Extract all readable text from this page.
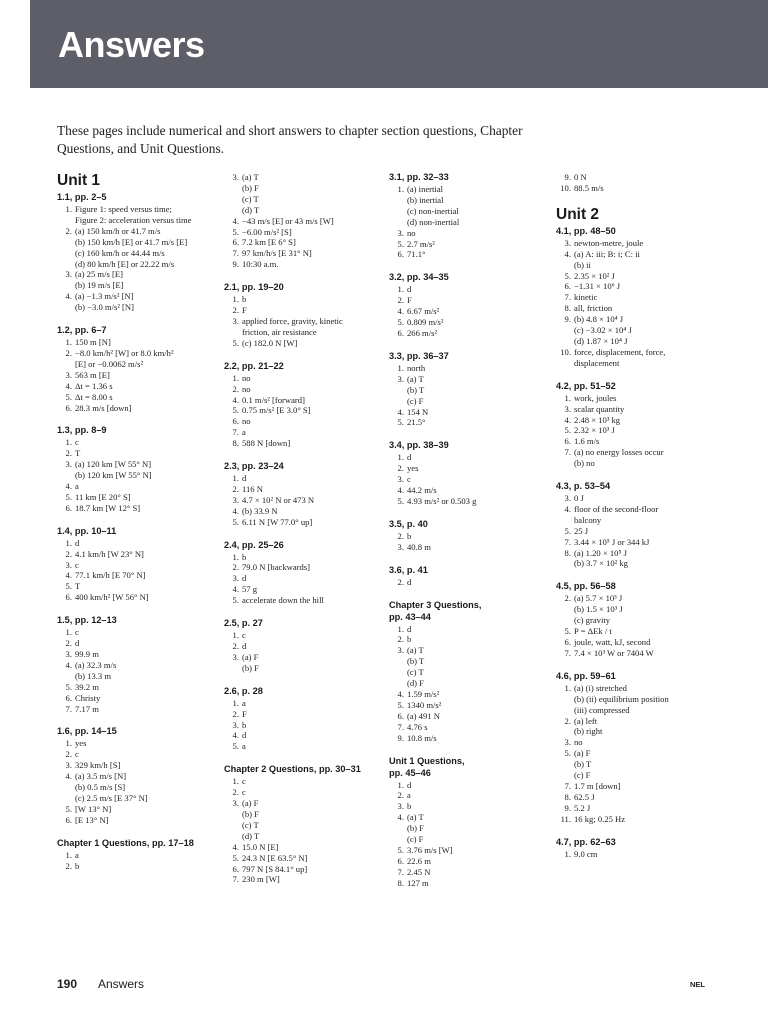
Answers

These pages include numerical and short answers to chapter section questions, Chapter Questions, and Unit Questions.

Unit 1
1.1, pp. 2–5
1. Figure 1: speed versus time;
Figure 2: acceleration versus time
2. (a) 150 km/h or 41.7 m/s
(b) 150 km/h [E] or 41.7 m/s [E]
(c) 160 km/h or 44.44 m/s
(d) 80 km/h [E] or 22.22 m/s
3. (a) 25 m/s [E]
(b) 19 m/s [E]
4. (a) −1.3 m/s² [N]
(b) −3.0 m/s² [N]
1.2, pp. 6–7
1. 150 m [N]
2. −8.0 km/h² [W] or 8.0 km/h²
[E] or −0.0062 m/s²
3. 563 m [E]
4. Δt = 1.36 s
5. Δt = 8.00 s
6. 28.3 m/s [down]
1.3, pp. 8–9
1. c
2. T
3. (a) 120 km [W 55° N]
(b) 120 km [W 55° N]
4. a
5. 11 km [E 20° S]
6. 18.7 km [W 12° S]
1.4, pp. 10–11
1. d
2. 4.1 km/h [W 23° N]
3. c
4. 77.1 km/h [E 70° N]
5. T
6. 400 km/h² [W 56° N]
1.5, pp. 12–13
1. c
2. d
3. 99.9 m
4. (a) 32.3 m/s
(b) 13.3 m
5. 39.2 m
6. Christy
7. 7.17 m
1.6, pp. 14–15
1. yes
2. c
3. 329 km/h [S]
4. (a) 3.5 m/s [N]
(b) 0.5 m/s [S]
(c) 2.5 m/s [E 37° N]
5. [W 13° N]
6. [E 13° N]
Chapter 1 Questions, pp. 17–18
1. a
2. b
3. (a) T
(b) F
(c) T
(d) T
4. −43 m/s [E] or 43 m/s [W]
5. −6.00 m/s² [S]
6. 7.2 km [E 6° S]
7. 97 km/h/s [E 31° N]
9. 10:30 a.m.
2.1, pp. 19–20
1. b
2. F
3. applied force, gravity, kinetic
friction, air resistance
5. (c) 182.0 N [W]
2.2, pp. 21–22
1. no
2. no
4. 0.1 m/s² [forward]
5. 0.75 m/s² [E 3.0° S]
6. no
7. a
8. 588 N [down]
2.3, pp. 23–24
1. d
2. 116 N
3. 4.7 × 10² N or 473 N
4. (b) 33.9 N
5. 6.11 N [W 77.0° up]
2.4, pp. 25–26
1. b
2. 79.0 N [backwards]
3. d
4. 57 g
5. accelerate down the hill
2.5, p. 27
1. c
2. d
3. (a) F
(b) F
2.6, p. 28
1. a
2. F
3. b
4. d
5. a
Chapter 2 Questions, pp. 30–31
1. c
2. c
3. (a) F
(b) F
(c) T
(d) T
4. 15.0 N [E]
5. 24.3 N [E 63.5° N]
6. 797 N [S 84.1° up]
7. 230 m [W]
3.1, pp. 32–33
1. (a) inertial
(b) inertial
(c) non-inertial
(d) non-inertial
3. no
5. 2.7 m/s²
6. 71.1°
3.2, pp. 34–35
1. d
2. F
4. 6.67 m/s²
5. 0.809 m/s²
6. 266 m/s²
3.3, pp. 36–37
1. north
3. (a) T
(b) T
(c) F
4. 154 N
5. 21.5°
3.4, pp. 38–39
1. d
2. yes
3. c
4. 44.2 m/s
5. 4.93 m/s² or 0.503 g
3.5, p. 40
2. b
3. 40.8 m
3.6, p. 41
2. d
Chapter 3 Questions,
pp. 43–44
1. d
2. b
3. (a) T
(b) T
(c) T
(d) F
4. 1.59 m/s²
5. 1340 m/s²
6. (a) 491 N
7. 4.76 s
9. 10.8 m/s
Unit 1 Questions,
pp. 45–46
1. d
2. a
3. b
4. (a) T
(b) F
(c) F
5. 3.76 m/s [W]
6. 22.6 m
7. 2.45 N
8. 127 m
9. 0 N
10. 88.5 m/s
Unit 2
4.1, pp. 48–50
3. newton-metre, joule
4. (a) A: iii; B: i; C: ii
(b) ii
5. 2.35 × 10² J
6. −1.31 × 10⁶ J
7. kinetic
8. all, friction
9. (b) 4.8 × 10⁴ J
(c) −3.02 × 10⁴ J
(d) 1.87 × 10⁴ J
10. force, displacement, force,
displacement
4.2, pp. 51–52
1. work, joules
3. scalar quantity
4. 2.48 × 10³ kg
5. 2.32 × 10³ J
6. 1.6 m/s
7. (a) no energy losses occur
(b) no
4.3, p. 53–54
3. 0 J
4. floor of the second-floor
balcony
5. 25 J
7. 3.44 × 10⁵ J or 344 kJ
8. (a) 1.20 × 10⁵ J
(b) 3.7 × 10² kg
4.5, pp. 56–58
2. (a) 5.7 × 10³ J
(b) 1.5 × 10³ J
(c) gravity
5. P = ΔEk / t
6. joule, watt, kJ, second
7. 7.4 × 10³ W or 7404 W
4.6, pp. 59–61
1. (a) (i) stretched
(b) (ii) equilibrium position
(iii) compressed
2. (a) left
(b) right
3. no
5. (a) F
(b) T
(c) F
7. 1.7 m [down]
8. 62.5 J
9. 5.2 J
11. 16 kg; 0.25 Hz
4.7, pp. 62–63
1. 9.0 cm
190 Answers	NEL
